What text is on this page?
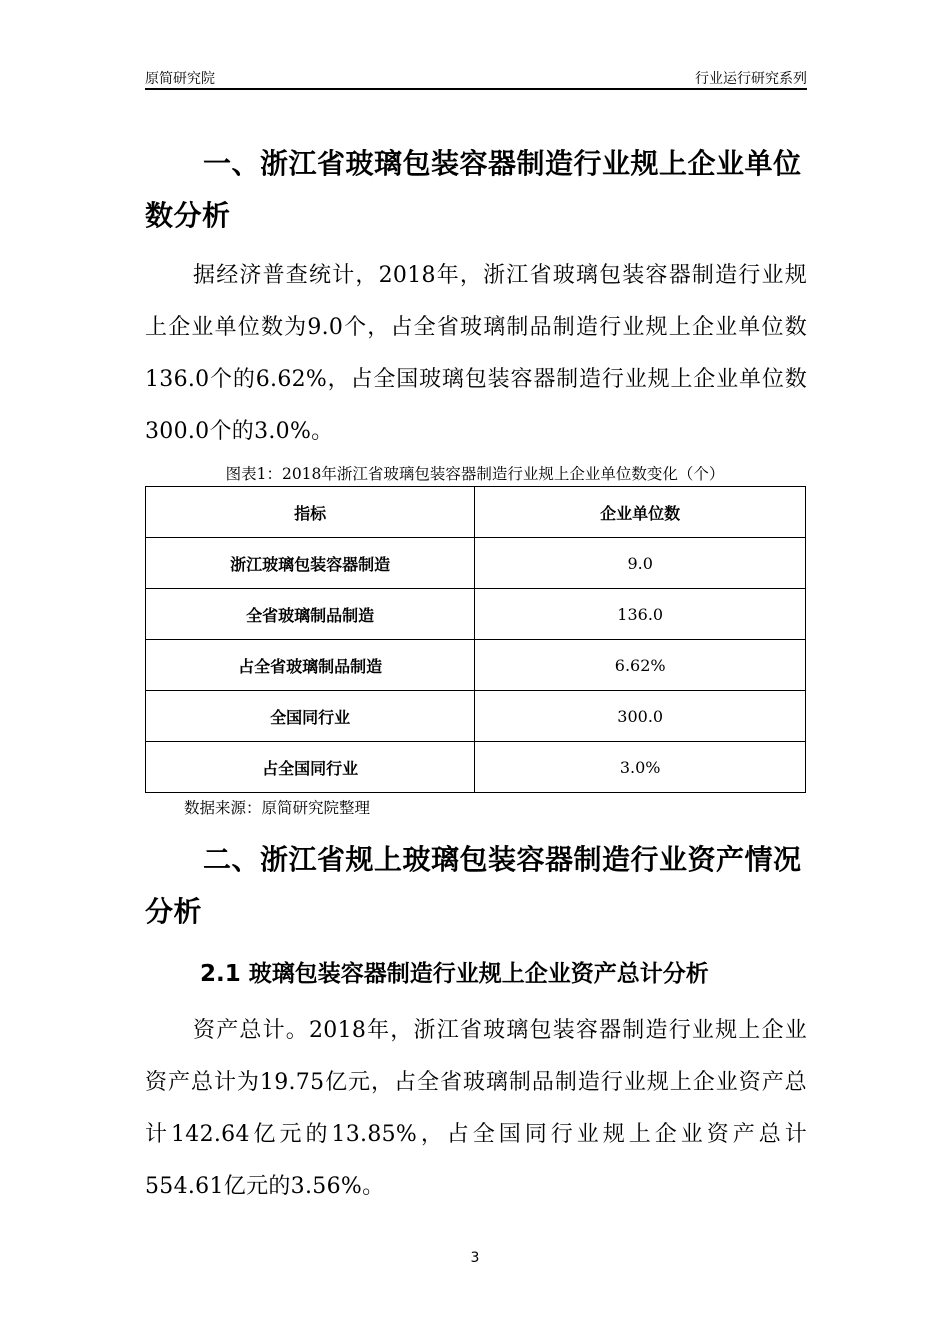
原简研究院	行业运行研究系列
一、浙江省玻璃包装容器制造行业规上企业单位数分析
据经济普查统计，2018年，浙江省玻璃包装容器制造行业规上企业单位数为9.0个，占全省玻璃制品制造行业规上企业单位数136.0个的6.62%，占全国玻璃包装容器制造行业规上企业单位数300.0个的3.0%。
图表1：2018年浙江省玻璃包装容器制造行业规上企业单位数变化（个）
指标	企业单位数
浙江玻璃包装容器制造	9.0
全省玻璃制品制造	136.0
占全省玻璃制品制造	6.62%
全国同行业	300.0
占全国同行业	3.0%
数据来源：原简研究院整理
二、浙江省规上玻璃包装容器制造行业资产情况分析
2.1 玻璃包装容器制造行业规上企业资产总计分析
资产总计。2018年，浙江省玻璃包装容器制造行业规上企业资产总计为19.75亿元，占全省玻璃制品制造行业规上企业资产总计142.64亿元的13.85%，占全国同行业规上企业资产总计554.61亿元的3.56%。
3
